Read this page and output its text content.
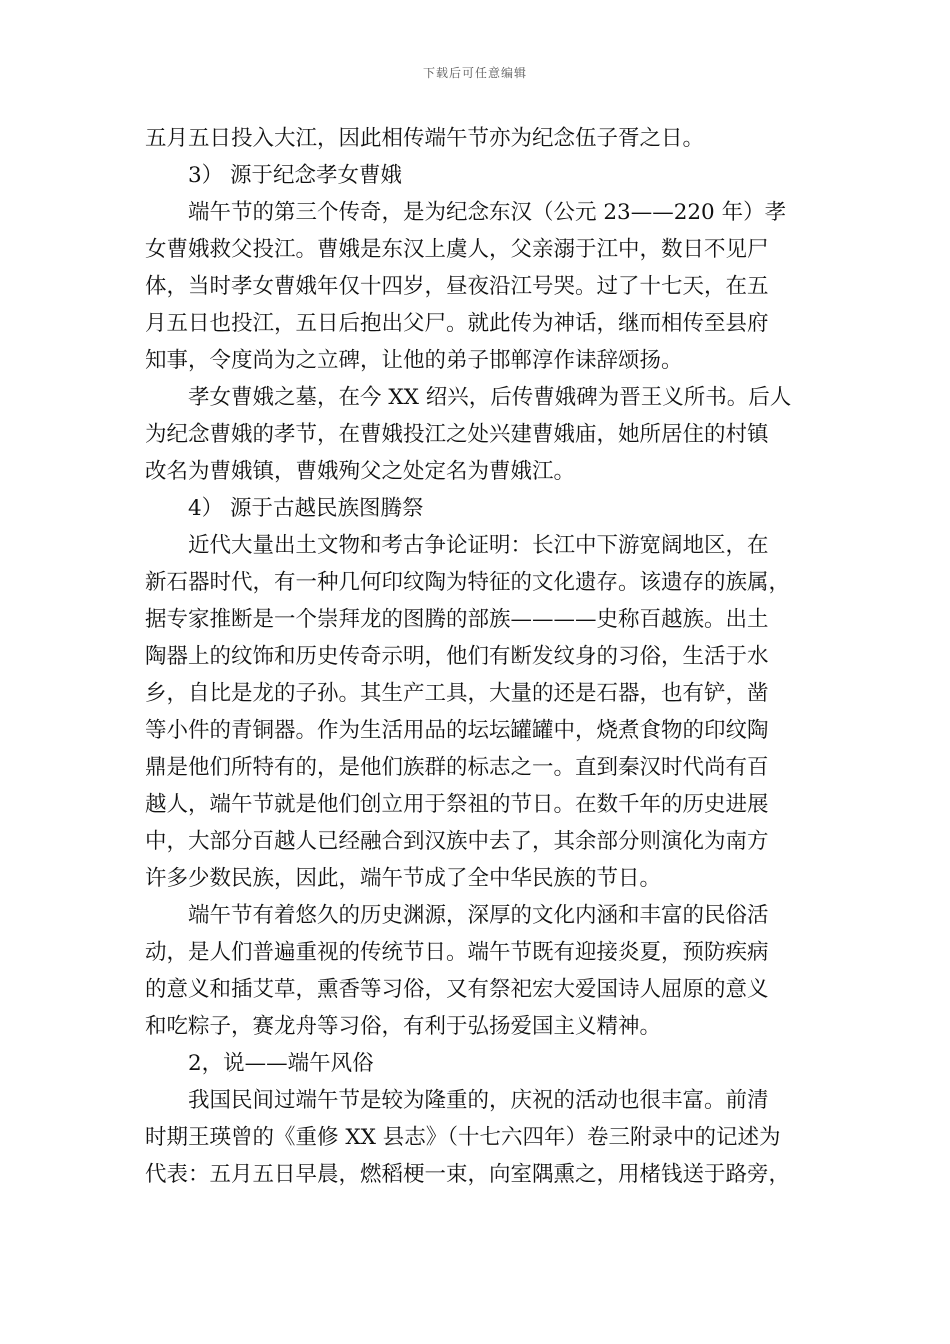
下载后可任意编辑

五月五日投入大江，因此相传端午节亦为纪念伍子胥之日。

3） 源于纪念孝女曹娥

端午节的第三个传奇，是为纪念东汉（公元 23——220 年）孝
女曹娥救父投江。曹娥是东汉上虞人，父亲溺于江中，数日不见尸
体，当时孝女曹娥年仅十四岁，昼夜沿江号哭。过了十七天，在五
月五日也投江，五日后抱出父尸。就此传为神话，继而相传至县府
知事，令度尚为之立碑，让他的弟子邯郸淳作诔辞颂扬。

孝女曹娥之墓，在今 XX 绍兴，后传曹娥碑为晋王义所书。后人
为纪念曹娥的孝节，在曹娥投江之处兴建曹娥庙，她所居住的村镇
改名为曹娥镇，曹娥殉父之处定名为曹娥江。

4） 源于古越民族图腾祭

近代大量出土文物和考古争论证明：长江中下游宽阔地区，在
新石器时代，有一种几何印纹陶为特征的文化遗存。该遗存的族属，
据专家推断是一个崇拜龙的图腾的部族————史称百越族。出土
陶器上的纹饰和历史传奇示明，他们有断发纹身的习俗，生活于水
乡，自比是龙的子孙。其生产工具，大量的还是石器，也有铲，凿
等小件的青铜器。作为生活用品的坛坛罐罐中，烧煮食物的印纹陶
鼎是他们所特有的，是他们族群的标志之一。直到秦汉时代尚有百
越人，端午节就是他们创立用于祭祖的节日。在数千年的历史进展
中，大部分百越人已经融合到汉族中去了，其余部分则演化为南方
许多少数民族，因此，端午节成了全中华民族的节日。

端午节有着悠久的历史渊源，深厚的文化内涵和丰富的民俗活
动，是人们普遍重视的传统节日。端午节既有迎接炎夏，预防疾病
的意义和插艾草，熏香等习俗，又有祭祀宏大爱国诗人屈原的意义
和吃粽子，赛龙舟等习俗，有利于弘扬爱国主义精神。

2，说——端午风俗

我国民间过端午节是较为隆重的，庆祝的活动也很丰富。前清
时期王瑛曾的《重修 XX 县志》（十七六四年）卷三附录中的记述为
代表：五月五日早晨，燃稻梗一束，向室隅熏之，用楮钱送于路旁，
